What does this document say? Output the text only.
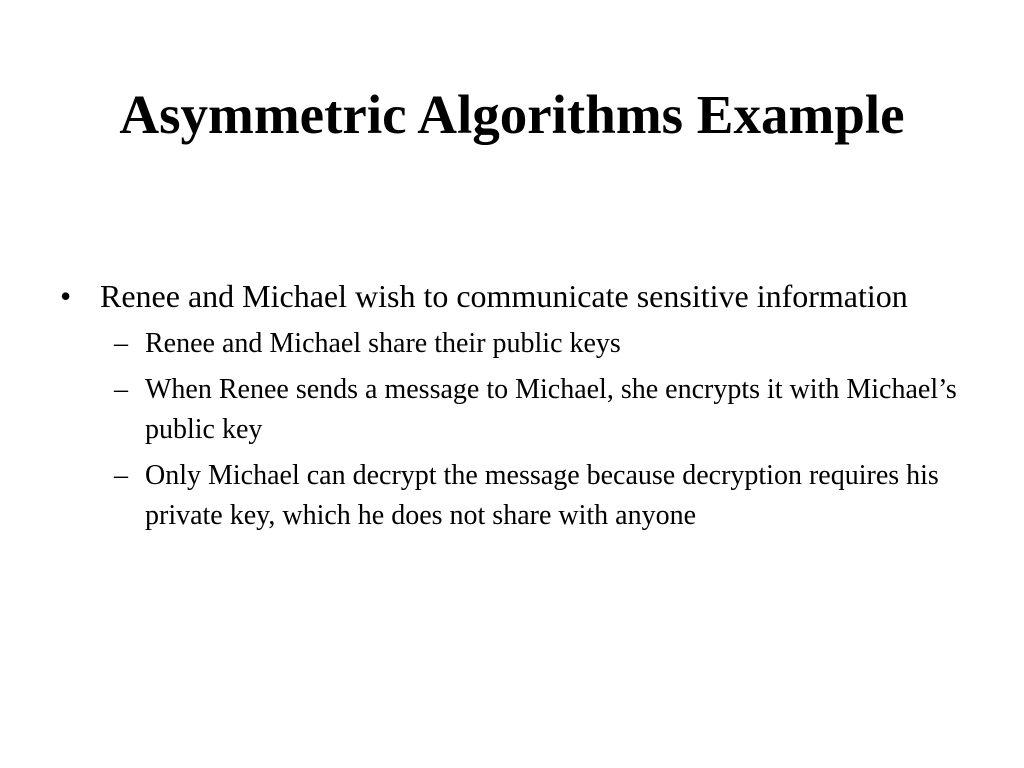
Asymmetric Algorithms Example
• Renee and Michael wish to communicate sensitive information
– Renee and Michael share their public keys
– When Renee sends a message to Michael, she encrypts it with Michael’s public key
– Only Michael can decrypt the message because decryption requires his private key, which he does not share with anyone
